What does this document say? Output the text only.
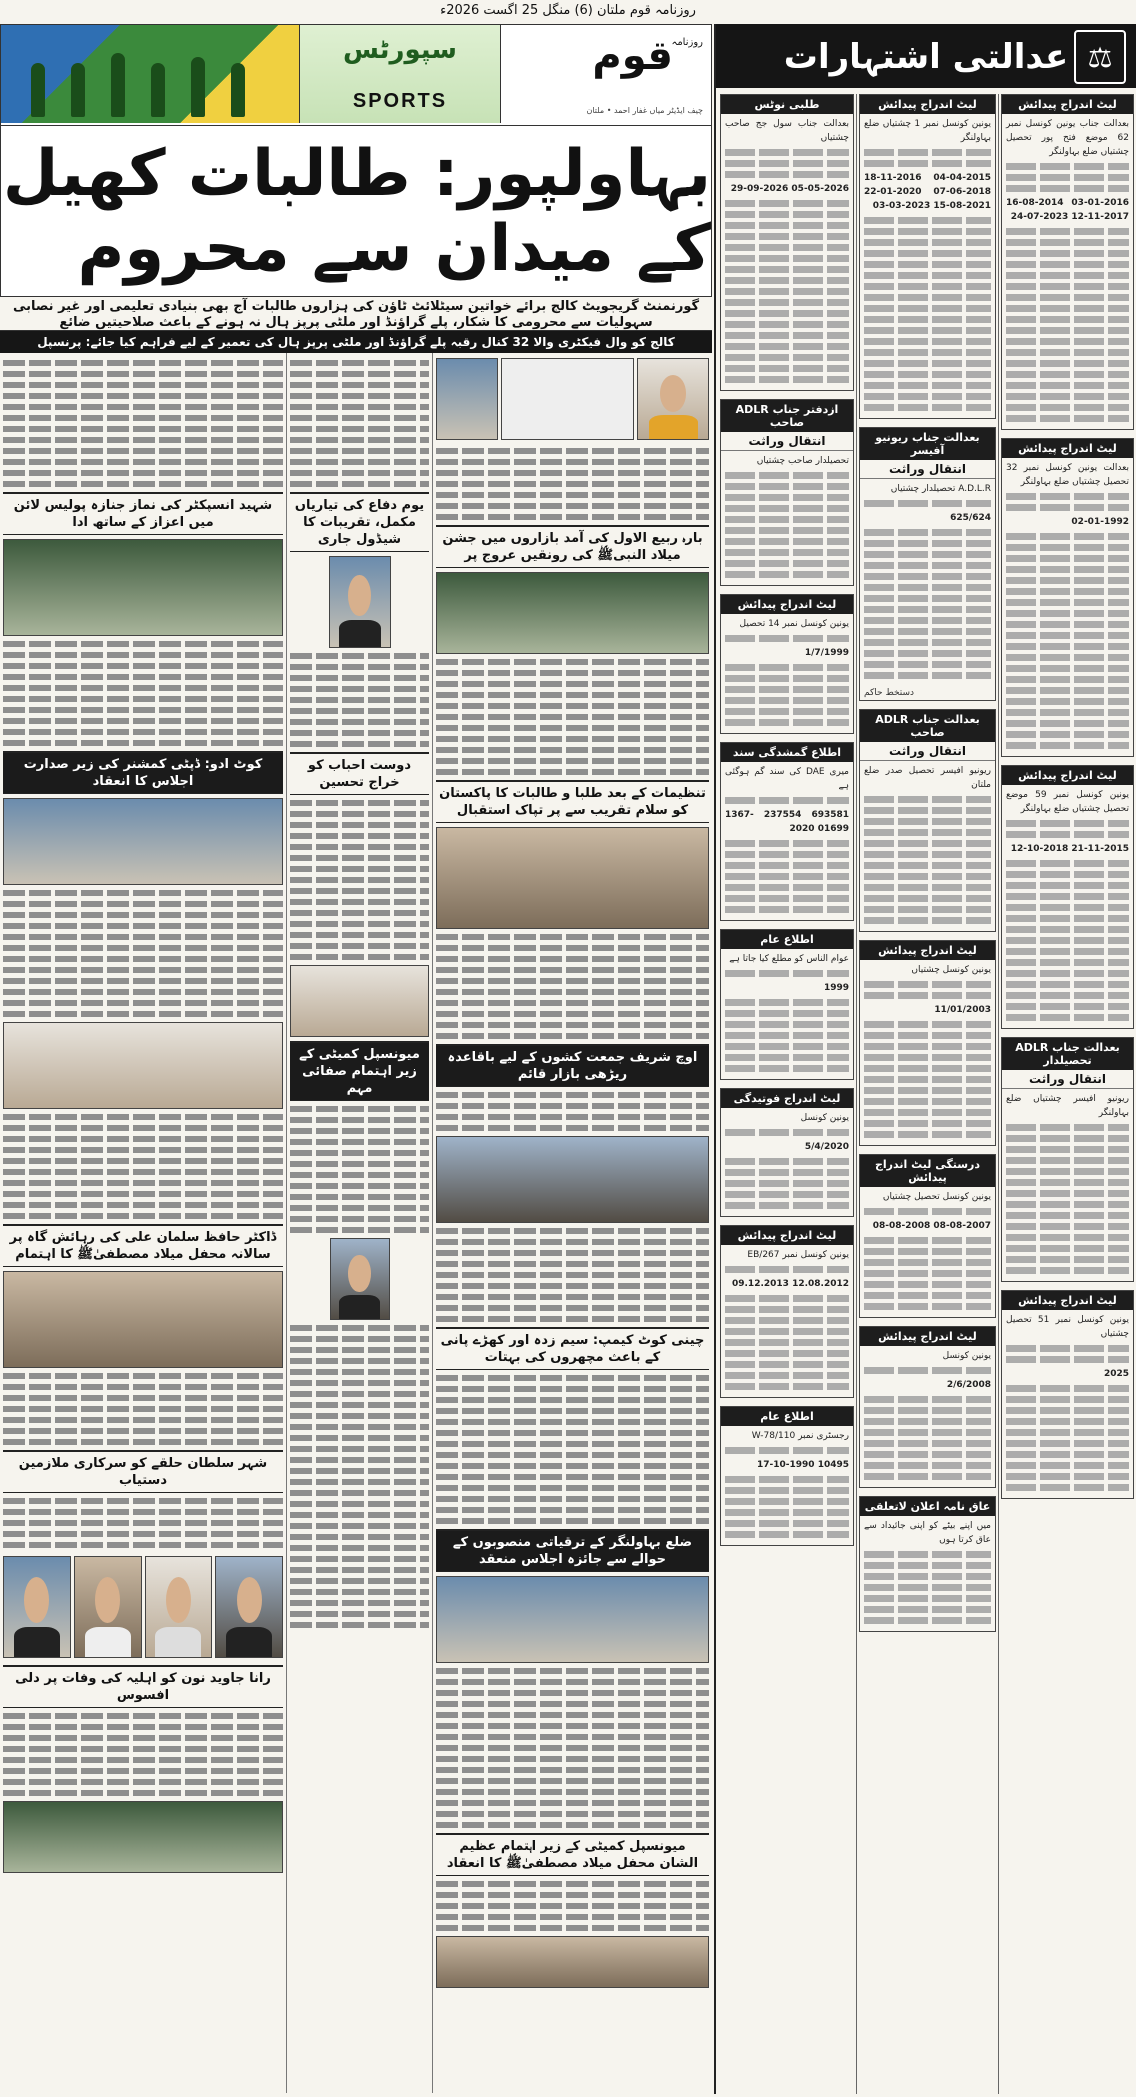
روزنامہ قوم ملتان (6) منگل 25 اگست 2026ء
⚖
عدالتی اشتہارات
لیٹ اندراج پیدائش
بعدالت جناب یونین کونسل نمبر 62 موضع فتح پور تحصیل چشتیاں ضلع بہاولنگر
03-01-2016 16-08-2014 12-11-2017 24-07-2023
لیٹ اندراج پیدائش
بعدالت یونین کونسل نمبر 32 تحصیل چشتیاں ضلع بہاولنگر
02-01-1992
لیٹ اندراج پیدائش
یونین کونسل نمبر 59 موضع تحصیل چشتیاں ضلع بہاولنگر
21-11-2015 12-10-2018
بعدالت جناب ADLR تحصیلدار
انتقال وراثت
ریونیو افیسر چشتیاں ضلع بہاولنگر
لیٹ اندراج پیدائش
یونین کونسل نمبر 51 تحصیل چشتیاں
2025
لیٹ اندراج پیدائش
یونین کونسل نمبر 1 چشتیاں ضلع بہاولنگر
04-04-2015 18-11-2016 07-06-2018 22-01-2020 15-08-2021 03-03-2023
بعدالت جناب ریونیو آفیسر
انتقال وراثت
A.D.L.R تحصیلدار چشتیاں
625/624
دستخط حاکم
بعدالت جناب ADLR صاحب
انتقال وراثت
ریونیو افیسر تحصیل صدر ضلع ملتان
لیٹ اندراج پیدائش
یونین کونسل چشتیاں
11/01/2003
درستگی لیٹ اندراج پیدائش
یونین کونسل تحصیل چشتیاں
08-08-2007 08-08-2008
لیٹ اندراج پیدائش
یونین کونسل
2/6/2008
عاق نامہ اعلان لاتعلقی
میں اپنے بیٹے کو اپنی جائیداد سے عاق کرتا ہوں
طلبی نوٹس
بعدالت جناب سول جج صاحب چشتیاں
05-05-2026 29-09-2026
ازدفتر جناب ADLR صاحب
انتقال وراثت
تحصیلدار صاحب چشتیاں
لیٹ اندراج پیدائش
یونین کونسل نمبر 14 تحصیل
1/7/1999
اطلاع گمشدگی سند
میری DAE کی سند گم ہوگئی ہے
693581 237554 1367-01699 2020
اطلاع عام
عوام الناس کو مطلع کیا جاتا ہے
1999
لیٹ اندراج فوتیدگی
یونین کونسل
5/4/2020
لیٹ اندراج پیدائش
یونین کونسل نمبر 267/EB
12.08.2012 09.12.2013
اطلاع عام
رجسٹری نمبر 110/W-78
10495 17-10-1990
روزنامہ
قوم
چیف ایڈیٹر میاں غفار احمد • ملتان
سپورٹس
SPORTS
بہاولپور: طالبات کھیل کے میدان سے محروم
گورنمنٹ گریجویٹ کالج برائے خواتین سیٹلائٹ ٹاؤن کی ہزاروں طالبات آج بھی بنیادی تعلیمی اور غیر نصابی سہولیات سے محرومی کا شکار، پلے گراؤنڈ اور ملٹی پرپز ہال نہ ہونے کے باعث صلاحیتیں ضائع
کالج کو وال فیکٹری والا 32 کنال رقبہ پلے گراؤنڈ اور ملٹی پرپز ہال کی تعمیر کے لیے فراہم کیا جائے: پرنسپل
بارہ ربیع الاول کی آمد بازاروں میں جشن میلاد النبیﷺ کی رونقیں عروج پر
تنظیمات کے بعد طلبا و طالبات کا پاکستان کو سلام تقریب سے پر تپاک استقبال
اوچ شریف جمعت کشوں کے لیے باقاعدہ ریڑھی بازار قائم
چینی کوٹ کیمپ: سیم زدہ اور کھڑے پانی کے باعث مچھروں کی بہتات
ضلع بہاولنگر کے ترقیاتی منصوبوں کے حوالے سے جائزہ اجلاس منعقد
میونسپل کمیٹی کے زیر اہتمام عظیم الشان محفل میلاد مصطفیٰﷺ کا انعقاد
یوم دفاع کی تیاریاں مکمل، تقریبات کا شیڈول جاری
دوست احباب کو خراج تحسین
میونسپل کمیٹی کے زیر اہتمام صفائی مہم
شہید انسپکٹر کی نماز جنازہ پولیس لائن میں اعزاز کے ساتھ ادا
کوٹ ادو: ڈپٹی کمشنر کی زیر صدارت اجلاس کا انعقاد
ڈاکٹر حافظ سلمان علی کی رہائش گاہ پر سالانہ محفل میلاد مصطفیٰﷺ کا اہتمام
شہر سلطان حلقے کو سرکاری ملازمین دستیاب
رانا جاوید نون کو اہلیہ کی وفات پر دلی افسوس
